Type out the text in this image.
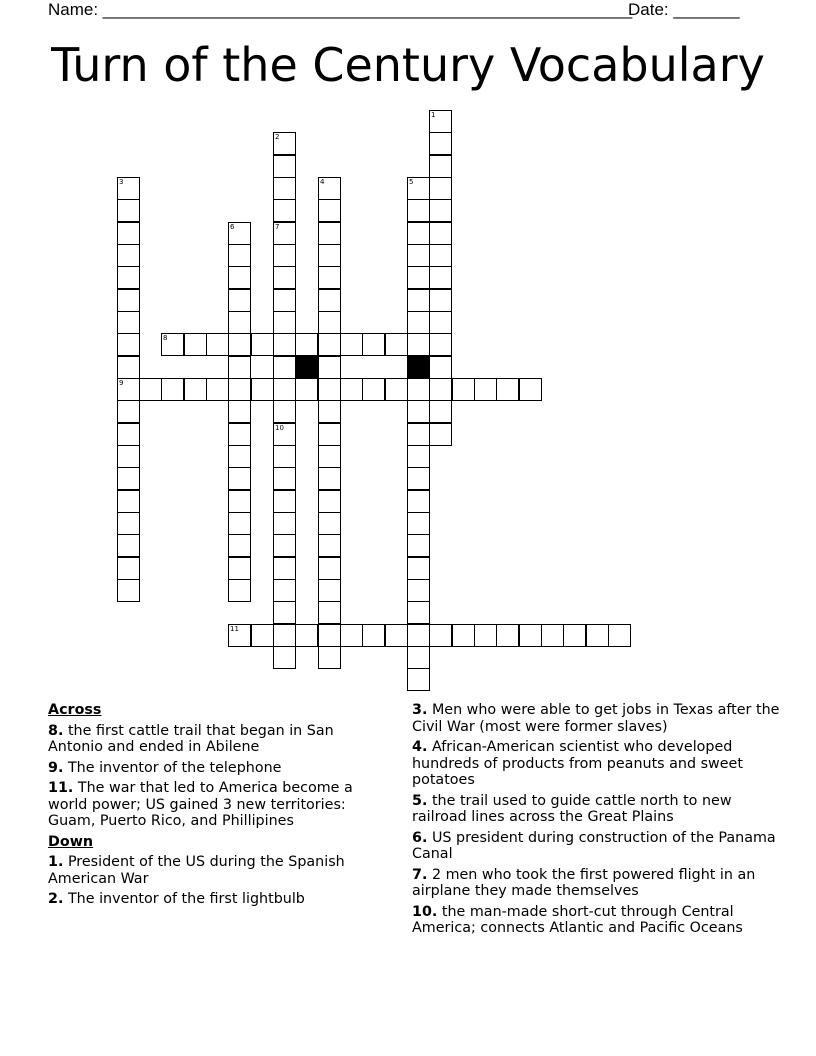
Name: ________________________________________________________
Date: _______
Turn of the Century Vocabulary
1
2
7
3
9
4	5
6
10
8
11
Across
8. the first cattle trail that began in San Antonio and ended in Abilene
9. The inventor of the telephone
11. The war that led to America become a world power; US gained 3 new territories: Guam, Puerto Rico, and Phillipines
Down
1. President of the US during the Spanish American War
2. The inventor of the first lightbulb
3. Men who were able to get jobs in Texas after the Civil War (most were former slaves)
4. African-American scientist who developed hundreds of products from peanuts and sweet potatoes
5. the trail used to guide cattle north to new railroad lines across the Great Plains
6. US president during construction of the Panama Canal
7. 2 men who took the first powered flight in an airplane they made themselves
10. the man-made short-cut through Central America; connects Atlantic and Pacific Oceans
